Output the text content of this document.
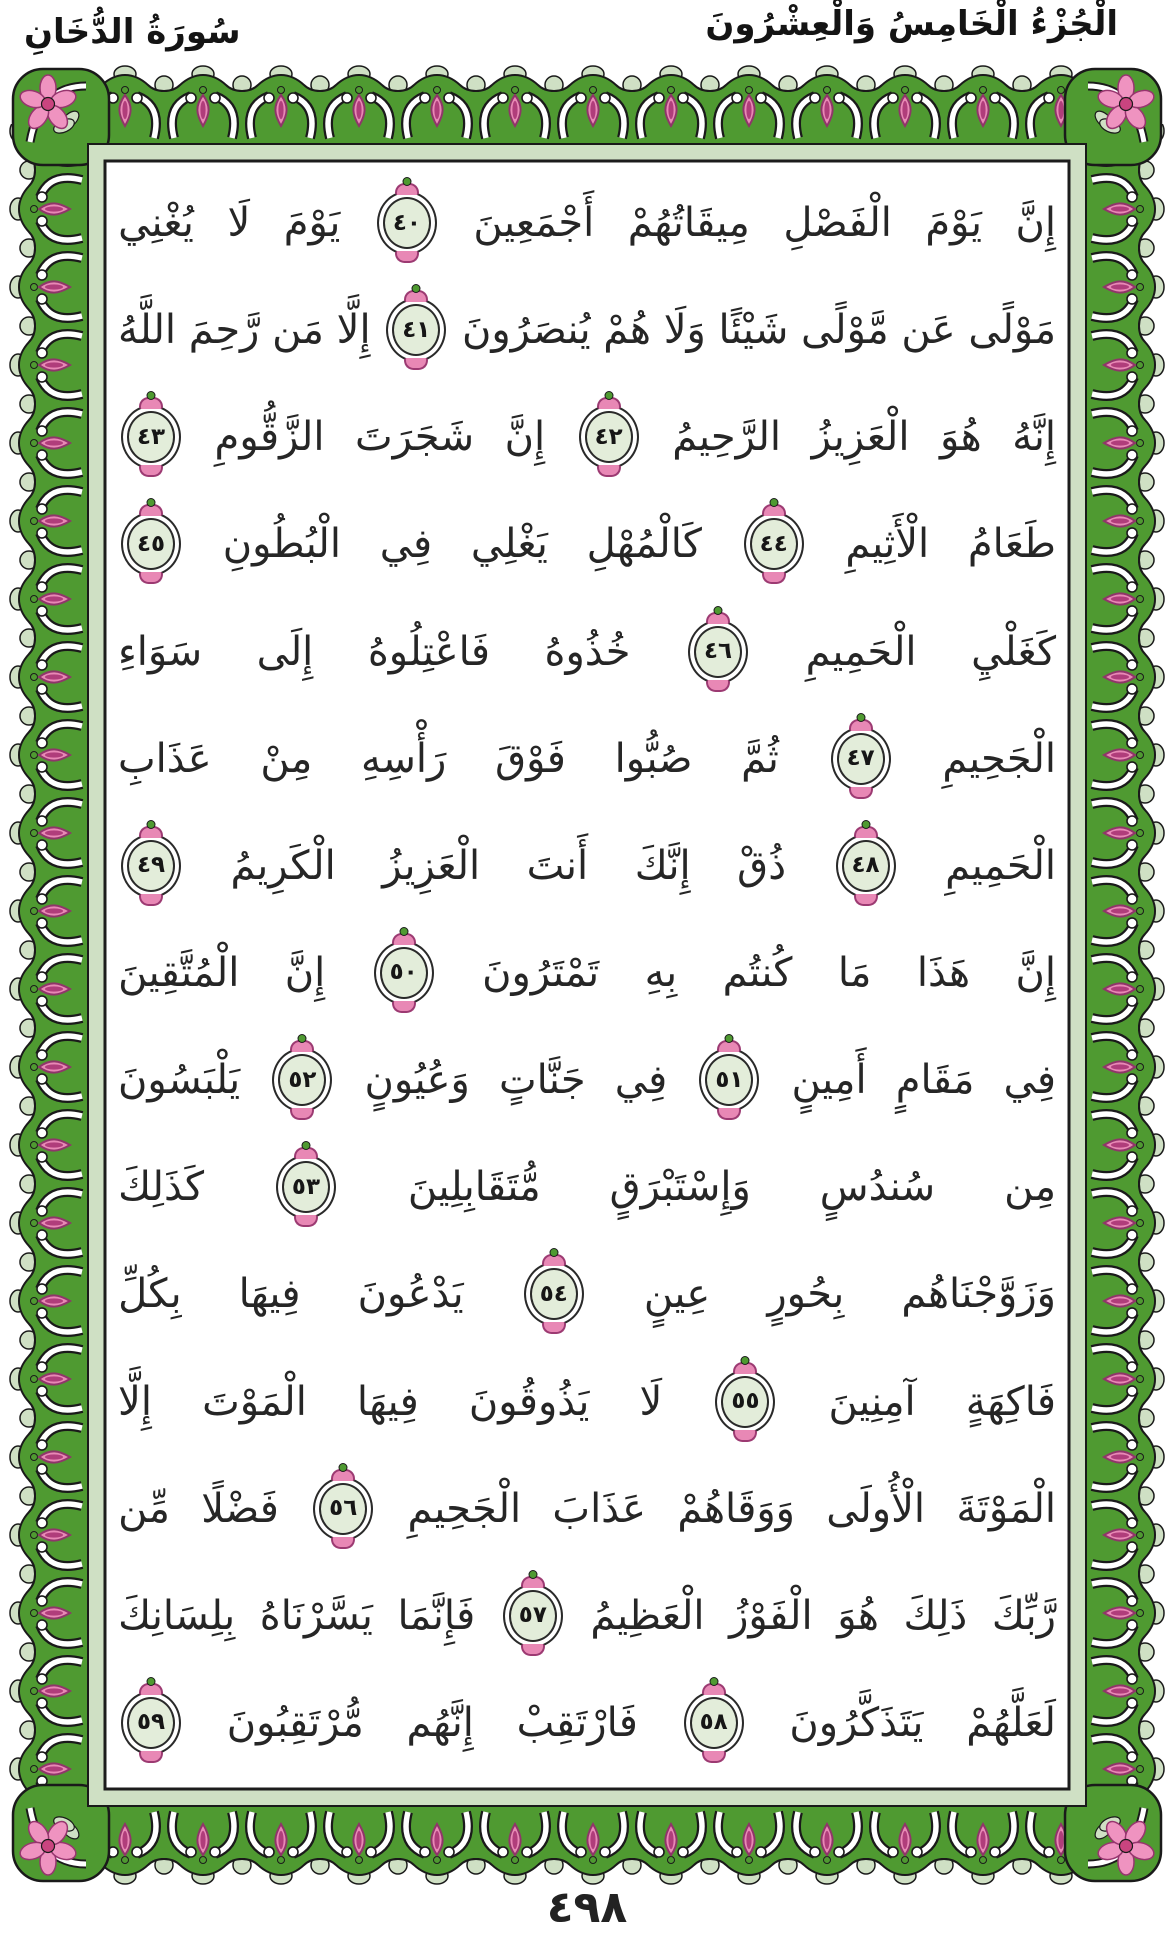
الْجُزْءُ الْخَامِسُ وَالْعِشْرُونَ
سُورَةُ الدُّخَانِ
إِنَّ
يَوْمَ
الْفَصْلِ
مِيقَاتُهُمْ
أَجْمَعِينَ
٤٠
يَوْمَ
لَا
يُغْنِي
مَوْلًى
عَن
مَّوْلًى
شَيْئًا
وَلَا
هُمْ
يُنصَرُونَ
٤١
إِلَّا
مَن
رَّحِمَ
اللَّهُ
إِنَّهُ
هُوَ
الْعَزِيزُ
الرَّحِيمُ
٤٢
إِنَّ
شَجَرَتَ
الزَّقُّومِ
٤٣
طَعَامُ
الْأَثِيمِ
٤٤
كَالْمُهْلِ
يَغْلِي
فِي
الْبُطُونِ
٤٥
كَغَلْيِ
الْحَمِيمِ
٤٦
خُذُوهُ
فَاعْتِلُوهُ
إِلَى
سَوَاءِ
الْجَحِيمِ
٤٧
ثُمَّ
صُبُّوا
فَوْقَ
رَأْسِهِ
مِنْ
عَذَابِ
الْحَمِيمِ
٤٨
ذُقْ
إِنَّكَ
أَنتَ
الْعَزِيزُ
الْكَرِيمُ
٤٩
إِنَّ
هَذَا
مَا
كُنتُم
بِهِ
تَمْتَرُونَ
٥٠
إِنَّ
الْمُتَّقِينَ
فِي
مَقَامٍ
أَمِينٍ
٥١
فِي
جَنَّاتٍ
وَعُيُونٍ
٥٢
يَلْبَسُونَ
مِن
سُندُسٍ
وَإِسْتَبْرَقٍ
مُّتَقَابِلِينَ
٥٣
كَذَلِكَ
وَزَوَّجْنَاهُم
بِحُورٍ
عِينٍ
٥٤
يَدْعُونَ
فِيهَا
بِكُلِّ
فَاكِهَةٍ
آمِنِينَ
٥٥
لَا
يَذُوقُونَ
فِيهَا
الْمَوْتَ
إِلَّا
الْمَوْتَةَ
الْأُولَى
وَوَقَاهُمْ
عَذَابَ
الْجَحِيمِ
٥٦
فَضْلًا
مِّن
رَّبِّكَ
ذَلِكَ
هُوَ
الْفَوْزُ
الْعَظِيمُ
٥٧
فَإِنَّمَا
يَسَّرْنَاهُ
بِلِسَانِكَ
لَعَلَّهُمْ
يَتَذَكَّرُونَ
٥٨
فَارْتَقِبْ
إِنَّهُم
مُّرْتَقِبُونَ
٥٩
٤٩٨
